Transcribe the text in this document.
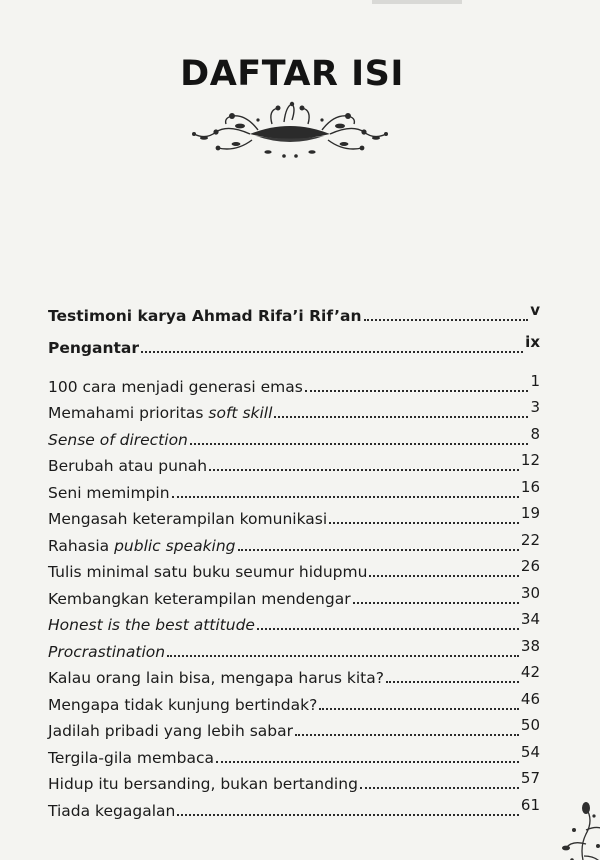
DAFTAR ISI
Testimoni karya Ahmad Rifa’i Rif’an	v
Pengantar	ix
100 cara menjadi generasi emas	1
Memahami prioritas soft skill	3
Sense of direction	8
Berubah atau punah	12
Seni memimpin	16
Mengasah keterampilan komunikasi	19
Rahasia public speaking	22
Tulis minimal satu buku seumur hidupmu	26
Kembangkan keterampilan mendengar	30
Honest is the best attitude	34
Procrastination	38
Kalau orang lain bisa, mengapa harus kita?	42
Mengapa tidak kunjung bertindak?	46
Jadilah pribadi yang lebih sabar	50
Tergila-gila membaca	54
Hidup itu bersanding, bukan bertanding	57
Tiada kegagalan	61
